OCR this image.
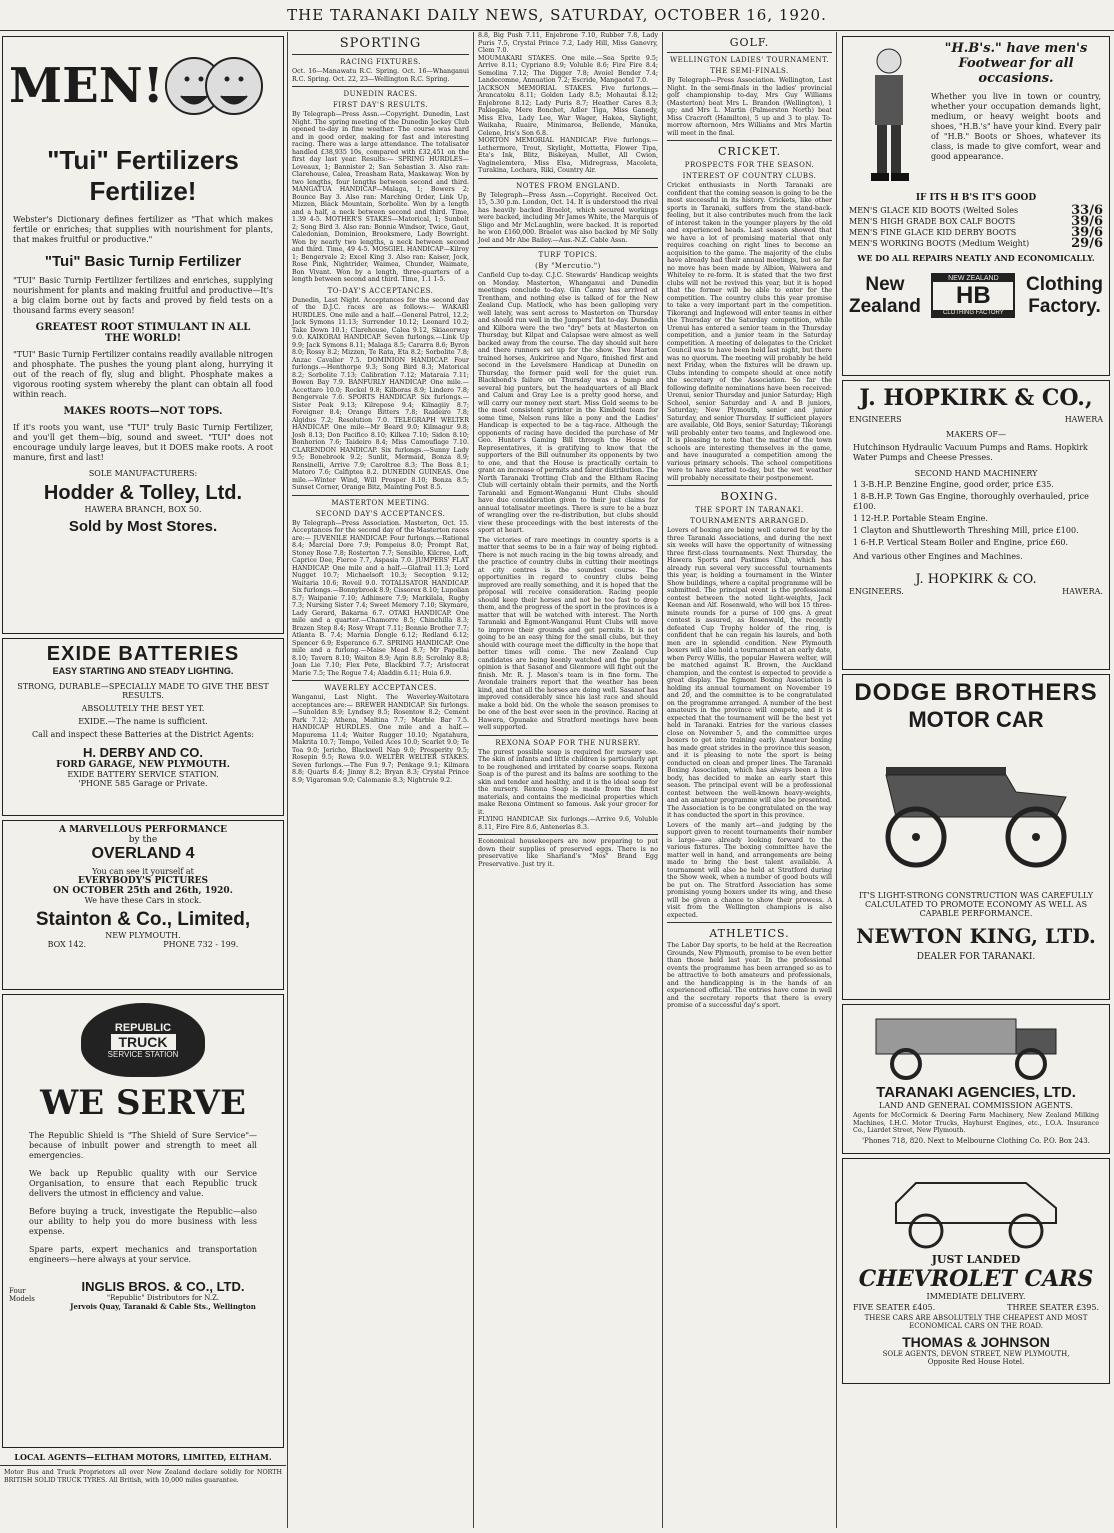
THE TARANAKI DAILY NEWS, SATURDAY, OCTOBER 16, 1920.
MEN!
"Tui" Fertilizers
Fertilize!
Webster's Dictionary defines fertilizer as "That which makes fertile or enriches; that supplies with nourishment for plants, that makes fruitful or productive."
"Tui" Basic Turnip Fertilizer
"TUI" Basic Turnip Fertilizer fertilizes and enriches, supplying nourishment for plants and making fruitful and productive—It's a big claim borne out by facts and proved by field tests on a thousand farms every season!
GREATEST ROOT STIMULANT IN ALL THE WORLD!
"TUI" Basic Turnip Fertilizer contains readily available nitrogen and phosphate. The pushes the young plant along, hurrying it out of the reach of fly, slug and blight. Phosphate makes a vigorous rooting system whereby the plant can obtain all food within reach.
MAKES ROOTS—NOT TOPS.
If it's roots you want, use "TUI" truly Basic Turnip Fertilizer, and you'll get them—big, sound and sweet. "TUI" does not encourage unduly large leaves, but it DOES make roots. A root manure, first and last!
SOLE MANUFACTURERS:
Hodder & Tolley, Ltd.
HAWERA BRANCH, BOX 50.
Sold by Most Stores.
EXIDE BATTERIES
EASY STARTING AND STEADY LIGHTING.
STRONG, DURABLE—SPECIALLY MADE TO GIVE THE BEST RESULTS.
ABSOLUTELY THE BEST YET.
EXIDE.—The name is sufficient.
Call and inspect these Batteries at the District Agents:
H. DERBY AND CO.
FORD GARAGE, NEW PLYMOUTH.
EXIDE BATTERY SERVICE STATION.
'PHONE 585 Garage or Private.
A MARVELLOUS PERFORMANCE
by the
OVERLAND 4
You can see it yourself at
EVERYBODY'S PICTURES
ON OCTOBER 25th and 26th, 1920.
We have these Cars in stock.
Stainton & Co., Limited,
NEW PLYMOUTH.
BOX 142.	PHONE 732 - 199.
REPUBLIC
TRUCK
SERVICE STATION
WE SERVE
The Republic Shield is "The Shield of Sure Service"—because of inbuilt power and strength to meet all emergencies.
We back up Republic quality with our Service Organisation, to ensure that each Republic truck delivers the utmost in efficiency and value.
Before buying a truck, investigate the Republic—also our ability to help you do more business with less expense.
Spare parts, expert mechanics and transportation engineers—here always at your service.
Four Models
INGLIS BROS. & CO., LTD.
"Republic" Distributors for N.Z.
Jervois Quay, Taranaki & Cable Sts., Wellington
LOCAL AGENTS—ELTHAM MOTORS, LIMITED, ELTHAM.
Motor Bus and Truck Proprietors all over New Zealand declare solidly for NORTH BRITISH SOLID TRUCK TYRES. All British, with 10,000 miles guarantee.
SPORTING
RACING FIXTURES.
Oct. 16—Manawatu R.C. Spring. Oct. 16—Whanganui R.C. Spring. Oct. 22, 23—Wellington R.C. Spring.
DUNEDIN RACES.
FIRST DAY'S RESULTS.
By Telegraph—Press Assn.—Copyright. Dunedin, Last Night. The spring meeting of the Dunedin Jockey Club opened to-day in fine weather. The course was hard and in good order, making for fast and interesting racing. There was a large attendance. The totalisator handled £38,935 10s, compared with £32,451 on the first day last year. Results:— SPRING HURDLES—Loveaux, 1; Bannister 2; San Sebastian 3. Also ran: Clarehouse, Calea, Treasham Rata, Maskaway. Won by two lengths, four lengths between second and third. MANGATUA HANDICAP—Malaga, 1; Bowers 2; Bounce Bay 3. Also ran: Marching Order, Link Up, Mizzen, Black Mountain, Sorbolite. Won by a length and a half, a neck between second and third. Time, 1.39 4-5. MOTHER'S STAKES—Matorical, 1; Sunbolt 2; Song Bird 3. Also ran: Bonnie Windsor, Twice, Gaut, Caledonian, Dominion, Brooksmere, Lady Bowright. Won by nearly two lengths, a neck between second and third. Time, 49 4-5. MOSGIEL HANDICAP—Kilroy 1; Bengervale 2; Excel King 3. Also ran: Kaiser, Jock, Rose Pink, Nightrider, Waimea, Chunder, Waimate, Bon Vivant. Won by a length, three-quarters of a length between second and third. Time, 1.1 1-5.
TO-DAY'S ACCEPTANCES.
Dunedin, Last Night. Acceptances for the second day of the D.J.C. races are as follows:— WAKARI HURDLES. One mile and a half.—General Patrol, 12.2; Jack Symons 11.13; Surrender 10.12; Leonard 10.2; Take Down 10.1; Clarehouse, Calea 9.12, Skiaeorway 9.0. KAIKORAI HANDICAP. Seven furlongs.—Link Up 9.9; Jack Symons 8.11; Malaga 8.5; Cararra 8.6; Byron 8.0; Rossy 8.2; Mizzen, Te Rata, Eta 8.2; Sorbolite 7.8; Anzac Cavalier 7.5. DOMINION HANDICAP. Four furlongs.—Henthorpe 9.3; Song Bird 8.3; Matorical 8.2; Sorbolite 7.13; Calibration 7.12; Mataraia 7.11; Bowen Bay 7.9. BANFURLY HANDICAP. One mile.—Accettaro 10.0; Rockel 9.8; Kilboras 8.9; Lindero 7.8; Bengervale 7.6. SPORTS HANDICAP. Six furlongs.—Sister Peak 9.13; Kilrepose 9.4; Kilnagiiy 8.7; Foreigner 8.4; Orange Bitters 7.8; Raideiro 7.8; Algidus 7.2; Resolution 7.0. TELEGRAPH WELTER HANDICAP. One mile—Mr Beard 9.0; Kilmagur 9.8; Josh 8.13; Don Pacifico 8.10; Kilkea 7.10; Sidon 8.10; Bonhorion 7.6; Taideiro 8.4; Miss Camouflage 7.10. CLARENDON HANDICAP. Six furlongs.—Sunny Lady 9.5; Bonebrook 9.2; Sunlit, Mermaid, Bonza 8.9; Rensinelli, Arrive 7.9; Caroltree 8.3; The Boss 8.1; Matoro 7.6; Calfiptea 8.2. DUNEDIN GUINEAS. One mile.—Winter Wind, Will Prosper 8.10; Bonza 8.5; Sunset Corner, Orange Bitz, Mainting Post 8.5.
MASTERTON MEETING.
SECOND DAY'S ACCEPTANCES.
By Telegraph—Press Association. Masterton, Oct. 15. Acceptances for the second day of the Masterton races are:— JUVENILE HANDICAP. Four furlongs.—Rational 8.4; Marcial Dore 7.9; Pompeius 8.0; Prompt Rat, Stoney Rose 7.8; Rosterton 7.7; Sensible, Kilcree, Loft, Caprice Dee, Fierce 7.7, Aspasia 7.0. JUMPERS' FLAT HANDICAP. One mile and a half.—Glafrail 11.3; Lord Nugget 10.7; Michaelsoft 10.3; Secoption 9.12; Waitaria 10.6; Roveil 9.0. TOTALISATOR HANDICAP. Six furlongs.—Bonnybrook 8.9; Cissorex 8.10; Lupolian 8.7; Waipanie 7.10; Adhimere 7.9; Markilala, Rugby 7.3; Nursing Sister 7.4; Sweet Memory 7.10; Skymare, Lady Gerard, Bakarna 6.7. OTAKI HANDICAP. One mile and a quarter.—Chamorre 8.5; Chinchilla 8.3; Brazen Step 8.4; Rosy Wrapt 7.11; Bonnie Brother 7.7; Atlanta B. 7.4; Marnia Dongle 6.12; Redland 6.12; Spencer 6.9; Esperance 6.7. SPRING HANDICAP. One mile and a furlong.—Maise Mead 8.7; Mr Papellai 8.10; Tavern 8.10; Waiton 8.9; Agin 8.8; Scrolnky 8.8; Joan Lie 7.10; Flex Pete, Blackbird 7.7; Aristocrat Marie 7.5; The Rogue 7.4; Aladdin 6.11; Huia 6.9.
WAVERLEY ACCEPTANCES.
Wanganui, Last Night. The Waverley-Waitotara acceptances are:— BREWER HANDICAP. Six furlongs.—Sunolden 8.9; Lyndsey 8.5; Rosentow 8.2; Cement Park 7.12; Athena, Maltina 7.7; Marble Bar 7.5. HANDICAP HURDLES. One mile and a half.—Mapurema 11.4; Waiter Rugger 10.10; Ngatahura, Makrita 10.7; Tempo, Veiled Aces 10.0; Scarlet 9.0; Te Toa 9.0; Jericho, Blackwell Nap 9.0; Prosperity 9.5; Rosepin 9.5; Rewa 9.0. WELTER WELTER STAKES. Seven furlongs.—The Fun 9.7; Penkage 9.1; Kilmara 8.8; Quarts 8.4; Jinmy 8.2; Bryan 8.3; Crystal Prince 8.9; Vigaroman 9.0; Calomanie 8.3; Nightrule 9.2.
8.8, Big Push 7.11, Enjebrone 7.10, Rubber 7.8, Lady Puris 7.5, Crystal Prince 7.2, Lady Hill, Miss Ganevry, Clem 7.0.
MOUMAKARI STAKES. One mile.—Sea Sprite 9.5; Arrive 8.11; Cypriano 8.9; Voluble 8.6; Fire Fire 8.4; Semolina 7.12; The Digger 7.8; Avoiel Bender 7.4; Landecomne, Annuation 7.2; Escride, Mangaotel 7.0.
JACKSON MEMORIAL STAKES. Five furlongs.—Arancatoku 8.11; Golden Lady 8.5; Mohautai 8.12; Enjebrone 8.12; Lady Puris 8.7; Heather Cares 8.3; Pakiegale, Mere Bonchet, Adler Tiga, Miss Ganedy, Miss Elva, Lady Lee, War Wager, Hakea, Skylight, Waikaha, Ruaire, Minimaroa, Bellende, Manuka, Celene, Iris's Son 6.8.
MORTON MEMORIAL HANDICAP. Five furlongs.—Lethermore, Trout, Skylight, Mottetta, Flower Tipa, Eta's Ink, Blitz, Biskeyan, Mullet, All Cwion, Vaginelemtera, Miss Elsa, Midregrass, Macoleta, Turakina, Lochara, Riki, Country Air.
NOTES FROM ENGLAND.
By Telegraph—Press Assn.—Copyright. Received Oct. 15, 5.30 p.m. London, Oct. 14. It is understood the rival has heavily backed Braelot, which secured workings were backed, including Mr James White, the Marquis of Sligo and Mr McLaughlin, were backed. It is reported he won £160,000. Braelot was also backed by Mr Solly Joel and Mr Abe Bailey.—Aus.-N.Z. Cable Assn.
TURF TOPICS.
(By "Mercutio.")
Canfield Cup to-day. C.J.C. Stewards' Handicap weights on Monday. Masterton, Whanganui and Dunedin meetings conclude to-day. Gin Canny has arrived at Trentham, and nothing else is talked of for the New Zealand Cup. Matlock, who has been galloping very well lately, was sent across to Masterton on Thursday and should run well in the Jumpers' flat to-day. Dunedin and Kilbora were the two "dry" bets at Masterton on Thursday, but Kilpat and Calapsae were almost as well backed away from the course. The day should suit here and there runners set up for the show. Two Marton trained horses, Aukiriree and Ngaro, finished first and second in the Levelsmere Handicap at Dunedin on Thursday, the former paid well for the quiet run. Blackbond's failure on Thursday was a bump and several big punters, but the headquarters of all Black and Calum and Gray Lee is a pretty good horse, and will carry our money next start. Miss Gold seems to be the most consistent sprinter in the Kimboid team for some time, Nelson runs like a pony and the Ladies' Handicap is expected to be a tag-race. Although the opponents of racing have decided the purchase of Mr Geo. Hunter's Gaming Bill through the House of Representatives, it is gratifying to know that the supporters of the Bill outnumber its opponents by two to one, and that the House is practically certain to grant an increase of permits and fairer distribution. The North Taranaki Trotting Club and the Eltham Racing Club will certainly obtain their permits, and the North Taranaki and Egmont-Wanganui Hunt Clubs should have due consideration given to their just claims for annual totalisator meetings. There is sure to be a buzz of wrangling over the re-distribution, but clubs should view these proceedings with the best interests of the sport at heart.
The victories of rare meetings in country sports is a matter that seems to be in a fair way of being righted. There is not much racing in the big towns already, and the practice of country clubs in cutting their meetings at city centres is the soundest course. The opportunities in regard to country clubs being improved are really something, and it is hoped that the proposal will receive consideration. Racing people should keep their horses and not be too fast to drop them, and the progress of the sport in the provinces is a matter that will be watched with interest. The North Taranaki and Egmont-Wanganui Hunt Clubs will move to improve their grounds and get permits. It is not going to be an easy thing for the small clubs, but they should with courage meet the difficulty in the hope that better times will come. The new Zealand Cup candidates are being keenly watched and the popular opinion is that Sasanof and Glenmore will fight out the finish. Mr. R. J. Mason's team is in fine form. The Avondale trainers report that the weather has been kind, and that all the horses are doing well. Sasanof has improved considerably since his last race and should make a bold bid. On the whole the season promises to be one of the best ever seen in the province. Racing at Hawera, Opunake and Stratford meetings have been well supported.
REXONA SOAP FOR THE NURSERY.
The purest possible soap is required for nursery use. The skin of infants and little children is particularly apt to be roughened and irritated by coarse soaps. Rexona Soap is of the purest and its balms are soothing to the skin and tender and healthy, and it is the ideal soap for the nursery. Rexona Soap is made from the finest materials, and contains the medicinal properties which make Rexona Ointment so famous. Ask your grocer for it.
FLYING HANDICAP. Six furlongs.—Arrive 9.6, Voluble 8.11, Fire Fire 8.6, Antenerlas 8.3.
Economical housekeepers are now preparing to put down their supplies of preserved eggs. There is no preservative like Sharland's "Mos" Brand Egg Preservative. Just try it.
GOLF.
WELLINGTON LADIES' TOURNAMENT.
THE SEMI-FINALS.
By Telegraph—Press Association. Wellington, Last Night. In the semi-finals in the ladies' provincial golf championship to-day, Mrs Guy Williams (Masterton) beat Mrs L. Brandon (Wellington), 1 up; and Mrs L. Martin (Palmerston North) beat Miss Cracroft (Hamilton), 5 up and 3 to play. To-morrow afternoon, Mrs Williams and Mrs Martin will meet in the final.
CRICKET.
PROSPECTS FOR THE SEASON.
INTEREST OF COUNTRY CLUBS.
Cricket enthusiasts in North Taranaki are confident that the coming season is going to be the most successful in its history. Crickets, like other sports in Taranaki, suffers from the stand-back-feeling, but it also contributes much from the lack of interest taken in the younger players by the old and experienced heads. Last season showed that we have a lot of promising material that only requires coaching on right lines to become an acquisition to the game. The majority of the clubs have already had their annual meetings, but so far no move has been made by Albion, Waiwera and Whiteley to re-form. It is stated that the two first clubs will not be revived this year, but it is hoped that the former will be able to enter for the competition. The country clubs this year promise to take a very important part in the competition. Tikorangi and Inglewood will enter teams in either the Thursday or the Saturday competition, while Urenui has entered a senior team in the Thursday competition, and a junior team in the Saturday competition. A meeting of delegates to the Cricket Council was to have been held last night, but there was no quorum. The meeting will probably be held next Friday, when the fixtures will be drawn up. Clubs intending to compete should at once notify the secretary of the Association. So far the following definite nominations have been received: Urenui, senior Thursday and junior Saturday; High School, senior Saturday and A and B juniors, Saturday; New Plymouth, senior and junior Saturday, and senior Thursday. If sufficient players are available, Old Boys, senior Saturday; Tikorangi will probably enter two teams, and Inglewood one. It is pleasing to note that the matter of the town schools are interesting themselves in the game, and have inaugurated a competition among the various primary schools. The school competitions were to have started to-day, but the wet weather will probably necessitate their postponement.
BOXING.
THE SPORT IN TARANAKI.
TOURNAMENTS ARRANGED.
Lovers of boxing are being well catered for by the three Taranaki Associations, and during the next six weeks will have the opportunity of witnessing three first-class tournaments. Next Thursday, the Hawera Sports and Pastimes Club, which has already run several very successful tournaments this year, is holding a tournament in the Winter Show buildings, where a capital programme will be submitted. The principal event is the professional contest between the noted light-weights, Jack Keenan and Alf. Rosenwald, who will box 15 three-minute rounds for a purse of 100 gns. A great contest is assured, as Rosenwald, the recently defeated Cup Trophy holder of the ring, is confident that he can regain his laurels, and both men are in splendid condition. New Plymouth boxers will also hold a tournament at an early date, when Percy Willis, the popular Hawera welter, will be matched against R. Brown, the Auckland champion, and the contest is expected to provide a great display. The Egmont Boxing Association is holding its annual tournament on November 19 and 20, and the committee is to be congratulated on the programme arranged. A number of the best amateurs in the province will compete, and it is expected that the tournament will be the best yet held in Taranaki. Entries for the various classes close on November 5, and the committee urges boxers to get into training early. Amateur boxing has made great strides in the province this season, and it is pleasing to note the sport is being conducted on clean and proper lines. The Taranaki Boxing Association, which has always been a live body, has decided to make an early start this season. The principal event will be a professional contest between the well-known heavy-weights, and an amateur programme will also be presented. The Association is to be congratulated on the way it has conducted the sport in this province.
Lovers of the manly art—and judging by the support given to recent tournaments their number is large—are already looking forward to the various fixtures. The boxing committee have the matter well in hand, and arrangements are being made to bring the best talent available. A tournament will also be held at Stratford during the Show week, when a number of good bouts will be put on. The Stratford Association has some promising young boxers under its wing, and these will be given a chance to show their prowess. A visit from the Wellington champions is also expected.
ATHLETICS.
The Labor Day sports, to be held at the Recreation Grounds, New Plymouth, promise to be even better than those held last year. In the professional events the programme has been arranged so as to be attractive to both amateurs and professionals, and the handicapping is in the hands of an experienced official. The entries have come in well and the secretary reports that there is every promise of a successful day's sport.
"H.B's." have men's Footwear for all
occasions.
Whether you live in town or country, whether your occupation demands light, medium, or heavy weight boots and shoes, "H.B.'s" have your kind. Every pair of "H.B." Boots or Shoes, whatever its class, is made to give comfort, wear and good appearance.
IF ITS H B'S IT'S GOOD
MEN'S GLACE KID BOOTS (Welted Soles	33/6
MEN'S HIGH GRADE BOX CALF BOOTS	39/6
MEN'S FINE GLACE KID DERBY BOOTS	39/6
MEN'S WORKING BOOTS (Medium Weight)	29/6
WE DO ALL REPAIRS NEATLY AND ECONOMICALLY.
New
Zealand
NEW ZEALAND
HB
CLOTHING FACTORY
Clothing
Factory.
J. HOPKIRK & CO.,
ENGINEERS	HAWERA
MAKERS OF—
Hutchinson Hydraulic Vacuum Pumps and Rams. Hopkirk Water Pumps and Cheese Presses.
SECOND HAND MACHINERY
1 3-B.H.P. Benzine Engine, good order, price £35.
1 8-B.H.P. Town Gas Engine, thoroughly overhauled, price £100.
1 12-H.P. Portable Steam Engine.
1 Clayton and Shuttleworth Threshing Mill, price £100.
1 6-H.P. Vertical Steam Boiler and Engine, price £60.
And various other Engines and Machines.
J. HOPKIRK & CO.
ENGINEERS.	HAWERA.
DODGE BROTHERS
MOTOR CAR
IT'S LIGHT-STRONG CONSTRUCTION WAS CAREFULLY CALCULATED TO PROMOTE ECONOMY AS WELL AS CAPABLE PERFORMANCE.
NEWTON KING, LTD.
DEALER FOR TARANAKI.
TARANAKI AGENCIES, LTD.
LAND AND GENERAL COMMISSION AGENTS.
Agents for McCormick & Deering Farm Machinery, New Zealand Milking Machines, I.H.C. Motor Trucks, Hayhurst Engines, etc., I.O.A. Insurance Co., Liardet Street, New Plymouth.
'Phones 718, 820. Next to Melbourne Clothing Co. P.O. Box 243.
JUST LANDED
CHEVROLET CARS
IMMEDIATE DELIVERY.
FIVE SEATER £405.	THREE SEATER £395.
THESE CARS ARE ABSOLUTELY THE CHEAPEST AND MOST ECONOMICAL CARS ON THE ROAD.
THOMAS & JOHNSON
SOLE AGENTS, DEVON STREET, NEW PLYMOUTH,
Opposite Red House Hotel.
